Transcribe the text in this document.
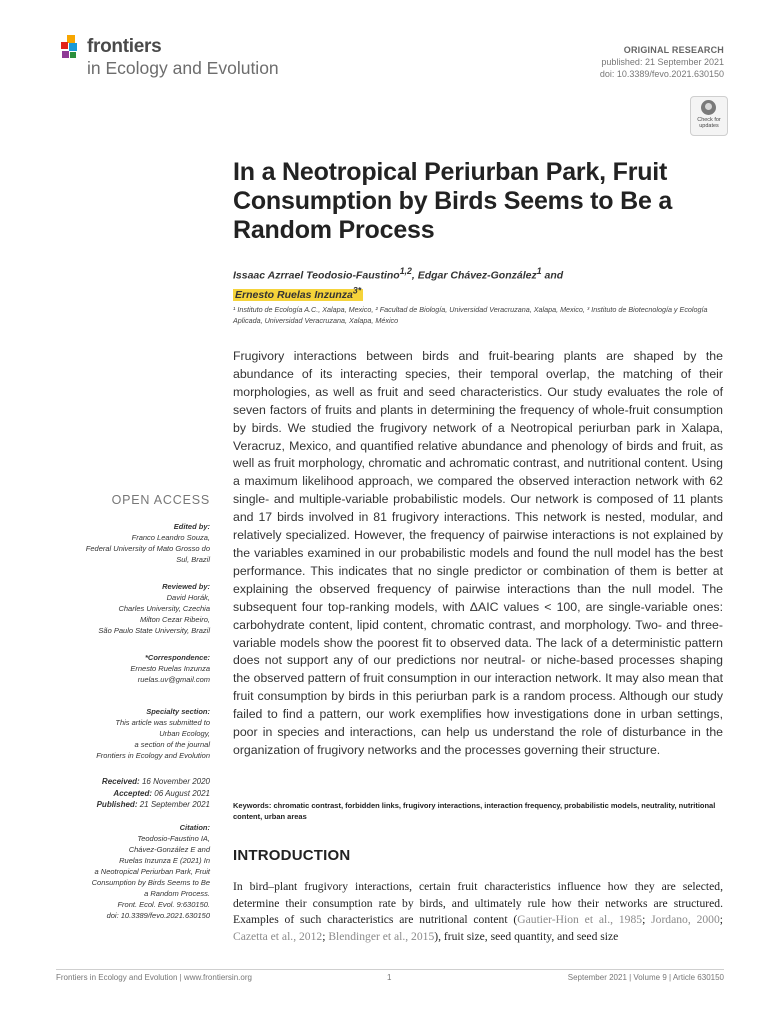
frontiers
in Ecology and Evolution
ORIGINAL RESEARCH
published: 21 September 2021
doi: 10.3389/fevo.2021.630150
Check for updates
In a Neotropical Periurban Park, Fruit Consumption by Birds Seems to Be a Random Process
Issaac Azrrael Teodosio-Faustino$^{1,2}$, Edgar Chávez-González$^1$ and
Ernesto Ruelas Inzunza$^{3*}$
¹ Instituto de Ecología A.C., Xalapa, Mexico, ² Facultad de Biología, Universidad Veracruzana, Xalapa, Mexico, ³ Instituto de Biotecnología y Ecología Aplicada, Universidad Veracruzana, Xalapa, México
Frugivory interactions between birds and fruit-bearing plants are shaped by the abundance of its interacting species, their temporal overlap, the matching of their morphologies, as well as fruit and seed characteristics. Our study evaluates the role of seven factors of fruits and plants in determining the frequency of whole-fruit consumption by birds. We studied the frugivory network of a Neotropical periurban park in Xalapa, Veracruz, Mexico, and quantified relative abundance and phenology of birds and fruit, as well as fruit morphology, chromatic and achromatic contrast, and nutritional content. Using a maximum likelihood approach, we compared the observed interaction network with 62 single- and multiple-variable probabilistic models. Our network is composed of 11 plants and 17 birds involved in 81 frugivory interactions. This network is nested, modular, and relatively specialized. However, the frequency of pairwise interactions is not explained by the variables examined in our probabilistic models and found the null model has the best performance. This indicates that no single predictor or combination of them is better at explaining the observed frequency of pairwise interactions than the null model. The subsequent four top-ranking models, with ΔAIC values < 100, are single-variable ones: carbohydrate content, lipid content, chromatic contrast, and morphology. Two- and three-variable models show the poorest fit to observed data. The lack of a deterministic pattern does not support any of our predictions nor neutral- or niche-based processes shaping the observed pattern of fruit consumption in our interaction network. It may also mean that fruit consumption by birds in this periurban park is a random process. Although our study failed to find a pattern, our work exemplifies how investigations done in urban settings, poor in species and interactions, can help us understand the role of disturbance in the organization of frugivory networks and the processes governing their structure.
Keywords: chromatic contrast, forbidden links, frugivory interactions, interaction frequency, probabilistic models, neutrality, nutritional content, urban areas
OPEN ACCESS
Edited by:
Franco Leandro Souza,
Federal University of Mato Grosso do
Sul, Brazil
Reviewed by:
David Horák,
Charles University, Czechia
Milton Cezar Ribeiro,
São Paulo State University, Brazil
*Correspondence:
Ernesto Ruelas Inzunza
ruelas.uv@gmail.com
Specialty section:
This article was submitted to
Urban Ecology,
a section of the journal
Frontiers in Ecology and Evolution
Received: 16 November 2020
Accepted: 06 August 2021
Published: 21 September 2021
Citation:
Teodosio-Faustino IA,
Chávez-González E and
Ruelas Inzunza E (2021) In
a Neotropical Periurban Park, Fruit
Consumption by Birds Seems to Be
a Random Process.
Front. Ecol. Evol. 9:630150.
doi: 10.3389/fevo.2021.630150
INTRODUCTION
In bird–plant frugivory interactions, certain fruit characteristics influence how they are selected, determine their consumption rate by birds, and ultimately rule how their networks are structured. Examples of such characteristics are nutritional content (Gautier-Hion et al., 1985; Jordano, 2000; Cazetta et al., 2012; Blendinger et al., 2015), fruit size, seed quantity, and seed size
Frontiers in Ecology and Evolution | www.frontiersin.org	1	September 2021 | Volume 9 | Article 630150
